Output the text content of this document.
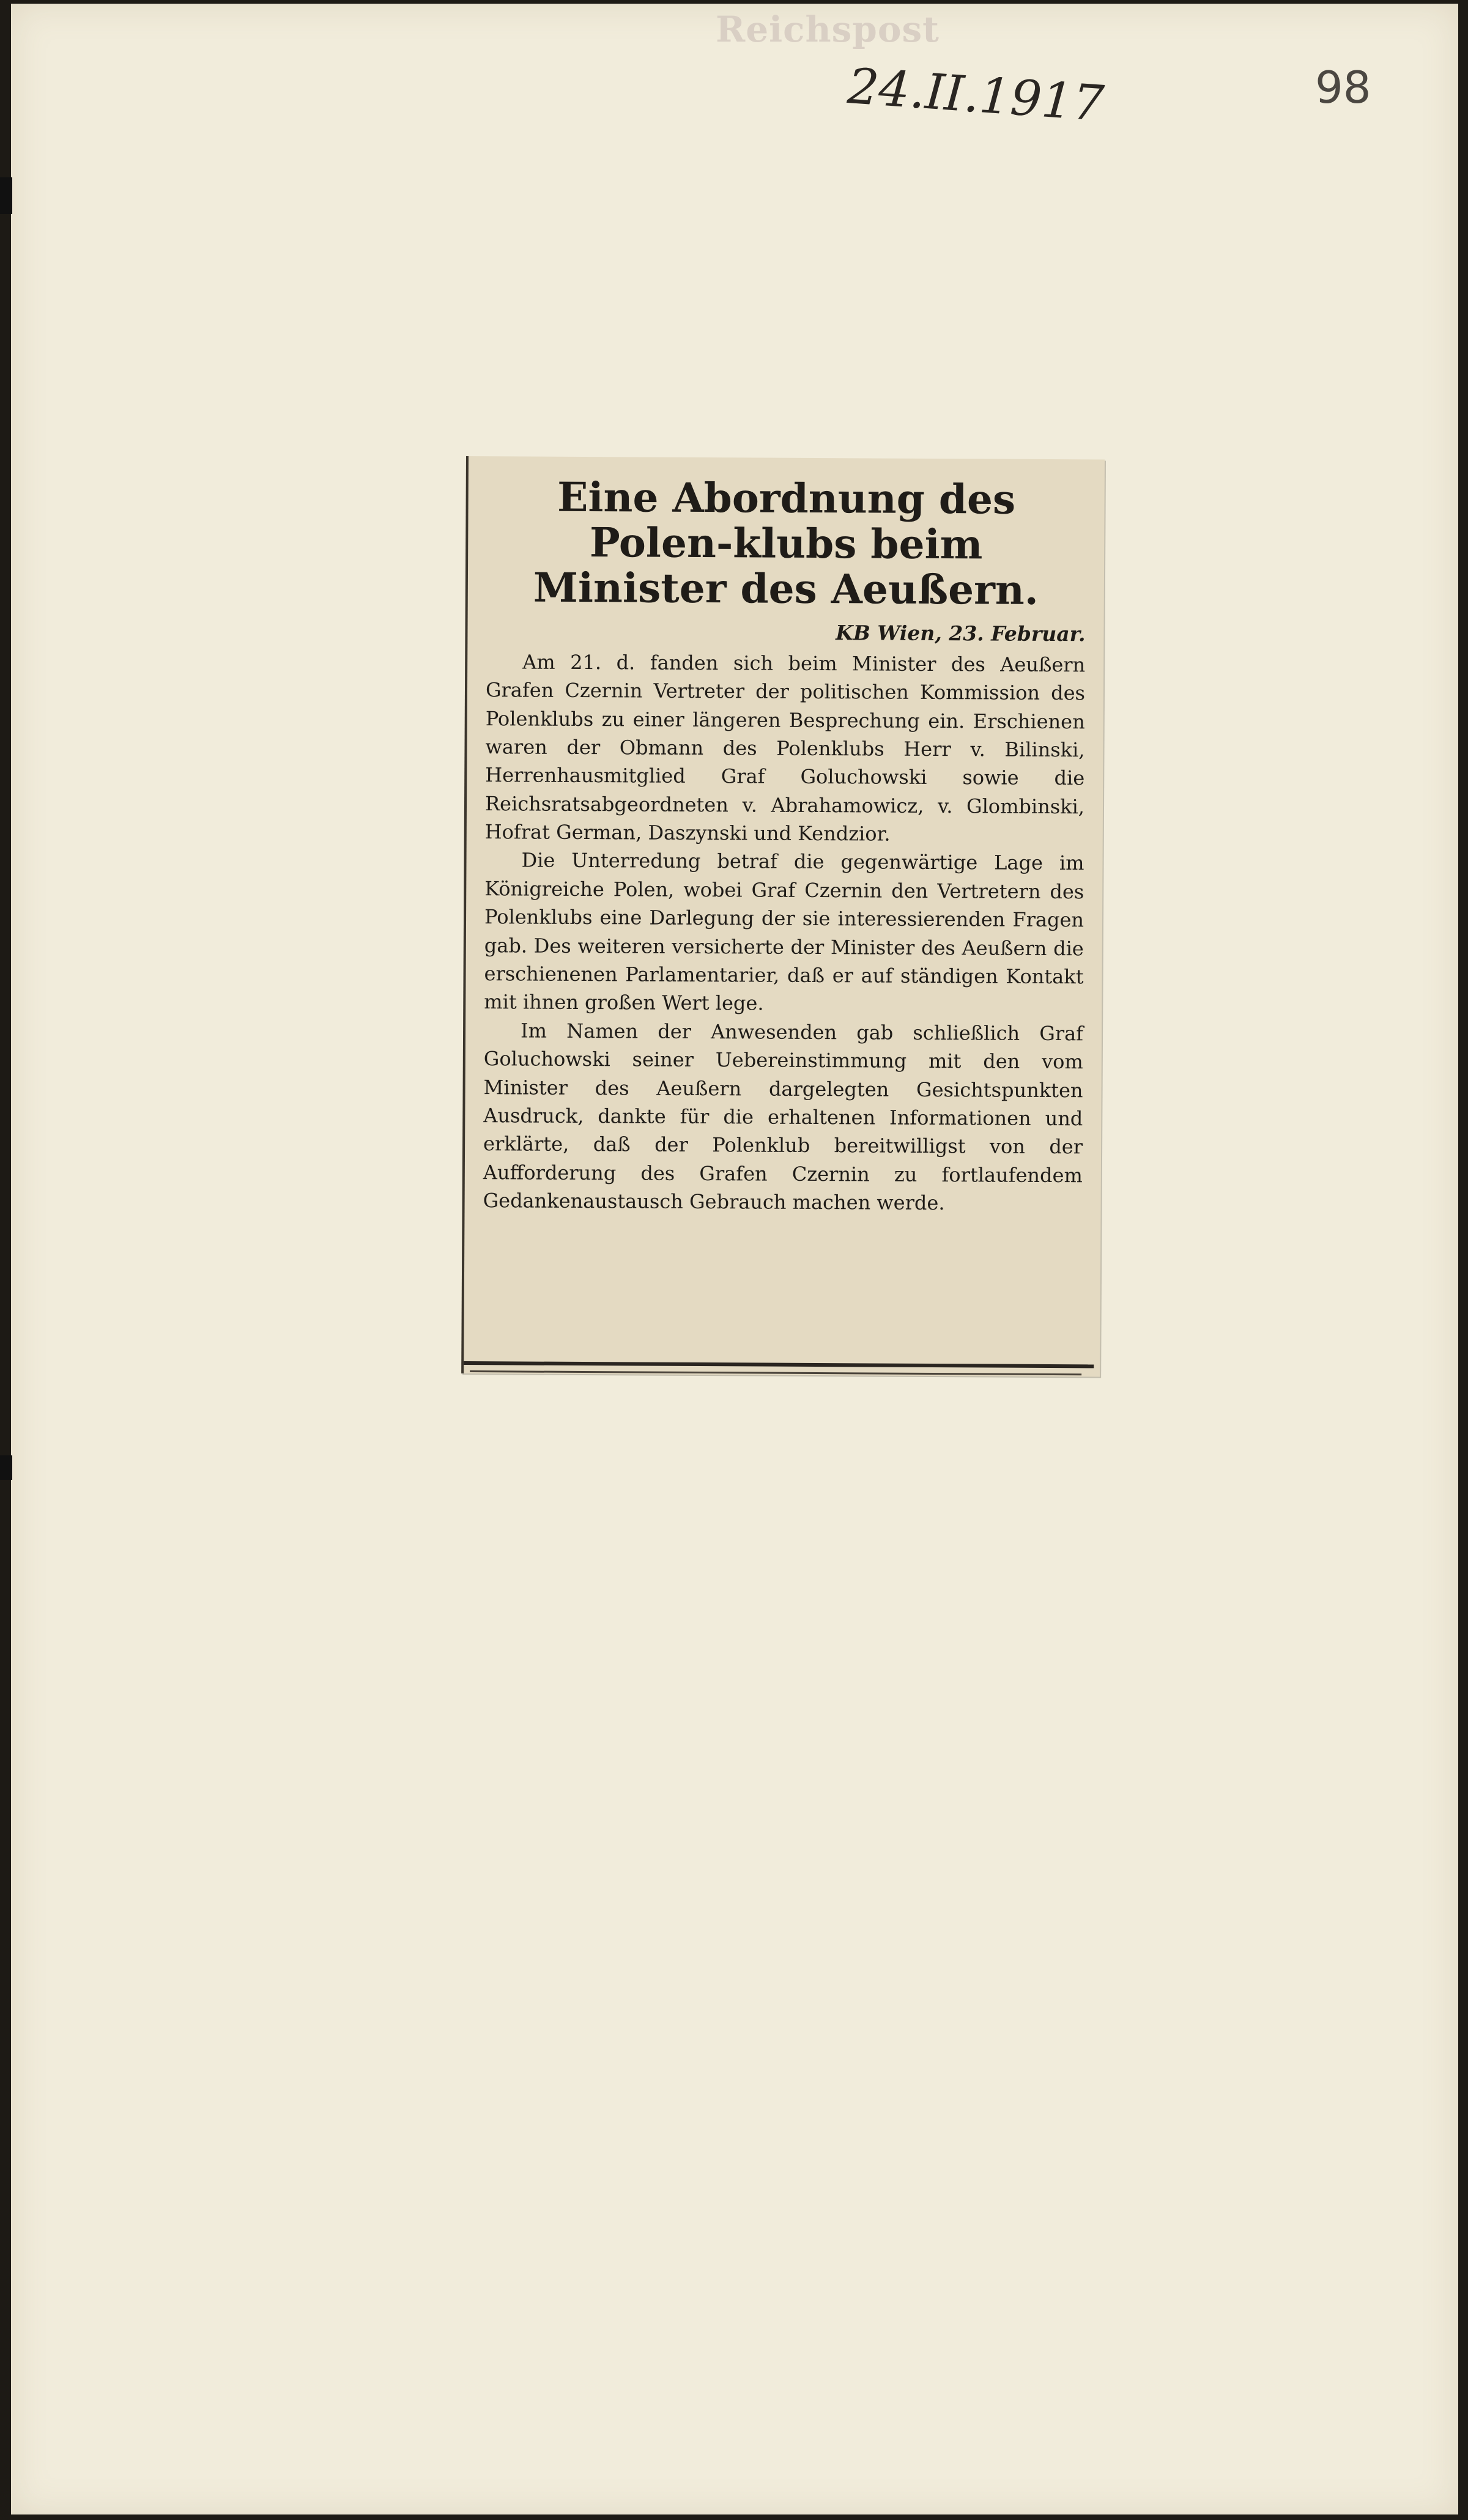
Reichspost
24.II.1917	98
Eine Abordnung des Polen-klubs beim Minister des Aeußern.
KB Wien, 23. Februar.

Am 21. d. fanden sich beim Minister des Aeußern Grafen Czernin Vertreter der politischen Kommission des Polenklubs zu einer längeren Besprechung ein. Erschienen waren der Obmann des Polenklubs Herr v. Bilinski, Herrenhausmitglied Graf Goluchowski sowie die Reichsratsabgeordneten v. Abrahamowicz, v. Glombinski, Hofrat German, Daszynski und Kendzior.

Die Unterredung betraf die gegenwärtige Lage im Königreiche Polen, wobei Graf Czernin den Vertretern des Polenklubs eine Darlegung der sie interessierenden Fragen gab. Des weiteren versicherte der Minister des Aeußern die erschienenen Parlamentarier, daß er auf ständigen Kontakt mit ihnen großen Wert lege.

Im Namen der Anwesenden gab schließlich Graf Goluchowski seiner Uebereinstimmung mit den vom Minister des Aeußern dargelegten Gesichtspunkten Ausdruck, dankte für die erhaltenen Informationen und erklärte, daß der Polenklub bereitwilligst von der Aufforderung des Grafen Czernin zu fortlaufendem Gedankenaustausch Gebrauch machen werde.
